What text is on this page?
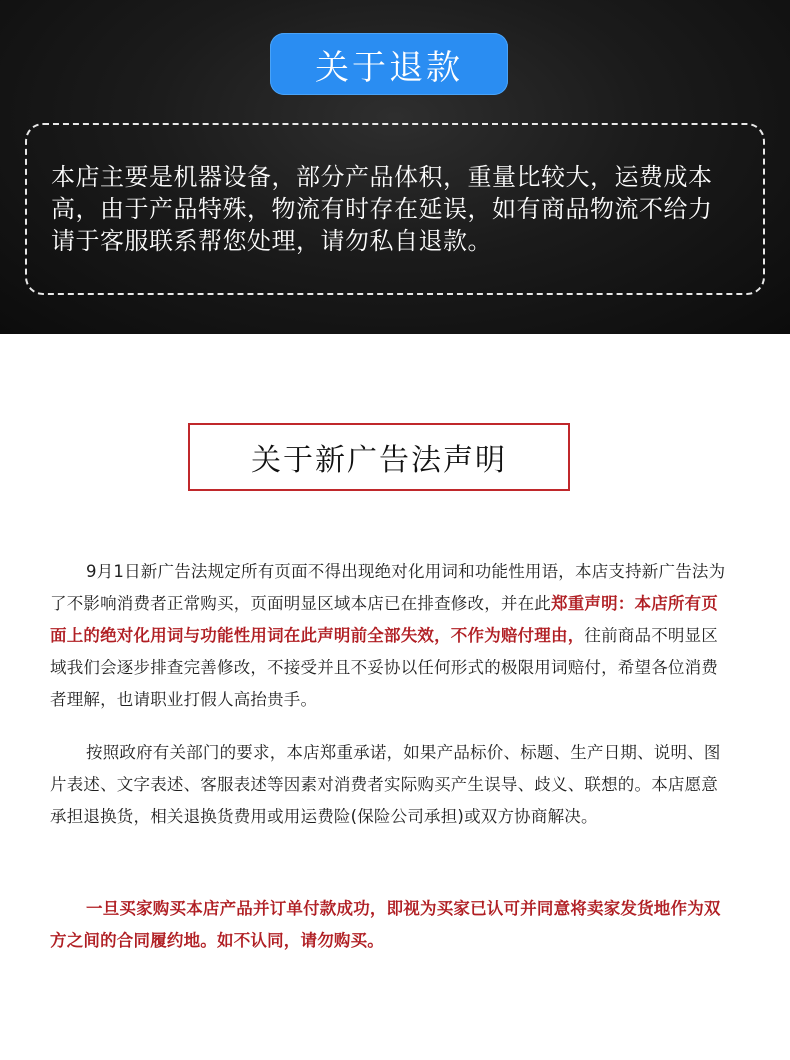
关于退款

本店主要是机器设备，部分产品体积，重量比较大，运费成本高，由于产品特殊，物流有时存在延误，如有商品物流不给力请于客服联系帮您处理，请勿私自退款。

关于新广告法声明
9月1日新广告法规定所有页面不得出现绝对化用词和功能性用语，本店支持新广告法为了不影响消费者正常购买，页面明显区域本店已在排查修改，并在此郑重声明：本店所有页面上的绝对化用词与功能性用词在此声明前全部失效，不作为赔付理由，往前商品不明显区域我们会逐步排查完善修改，不接受并且不妥协以任何形式的极限用词赔付，希望各位消费者理解，也请职业打假人高抬贵手。
按照政府有关部门的要求，本店郑重承诺，如果产品标价、标题、生产日期、说明、图片表述、文字表述、客服表述等因素对消费者实际购买产生误导、歧义、联想的。本店愿意承担退换货，相关退换货费用或用运费险(保险公司承担)或双方协商解决。
一旦买家购买本店产品并订单付款成功，即视为买家已认可并同意将卖家发货地作为双方之间的合同履约地。如不认同，请勿购买。
